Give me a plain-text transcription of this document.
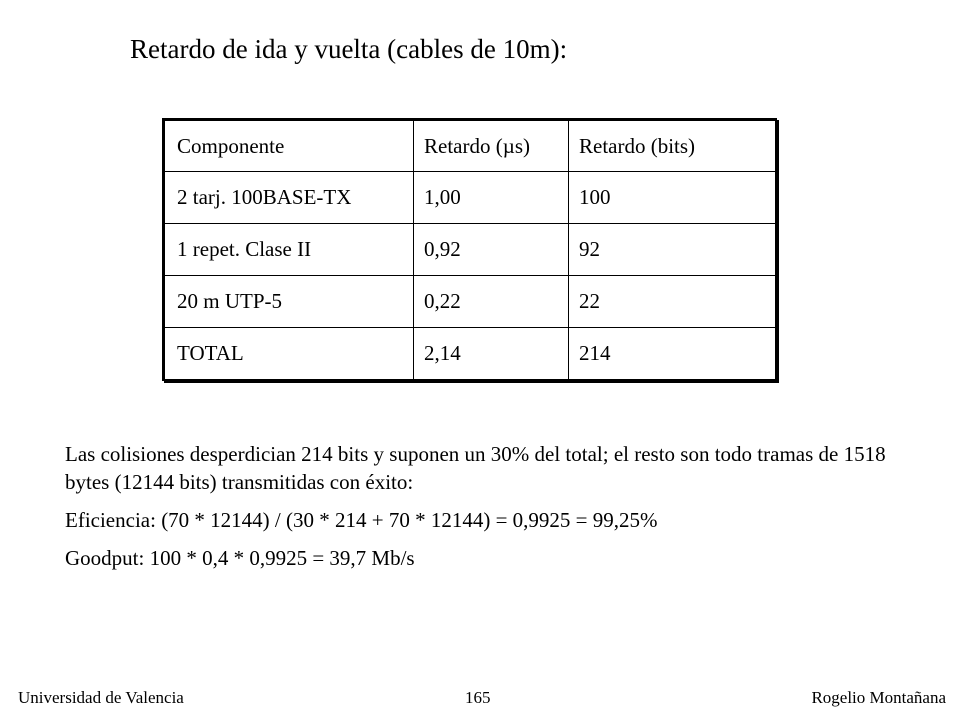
Retardo de ida y vuelta (cables de 10m):
Componente	Retardo (µs)	Retardo (bits)
2 tarj. 100BASE-TX	1,00	100
1 repet. Clase II	0,92	92
20 m UTP-5	0,22	22
TOTAL	2,14	214

Las colisiones desperdician 214 bits y suponen un 30% del total; el resto son todo tramas de 1518 bytes (12144 bits) transmitidas con éxito:

Eficiencia: (70 * 12144) / (30 * 214 + 70 * 12144) = 0,9925 = 99,25%

Goodput: 100 * 0,4 * 0,9925 = 39,7 Mb/s

Universidad de Valencia	165	Rogelio Montañana
